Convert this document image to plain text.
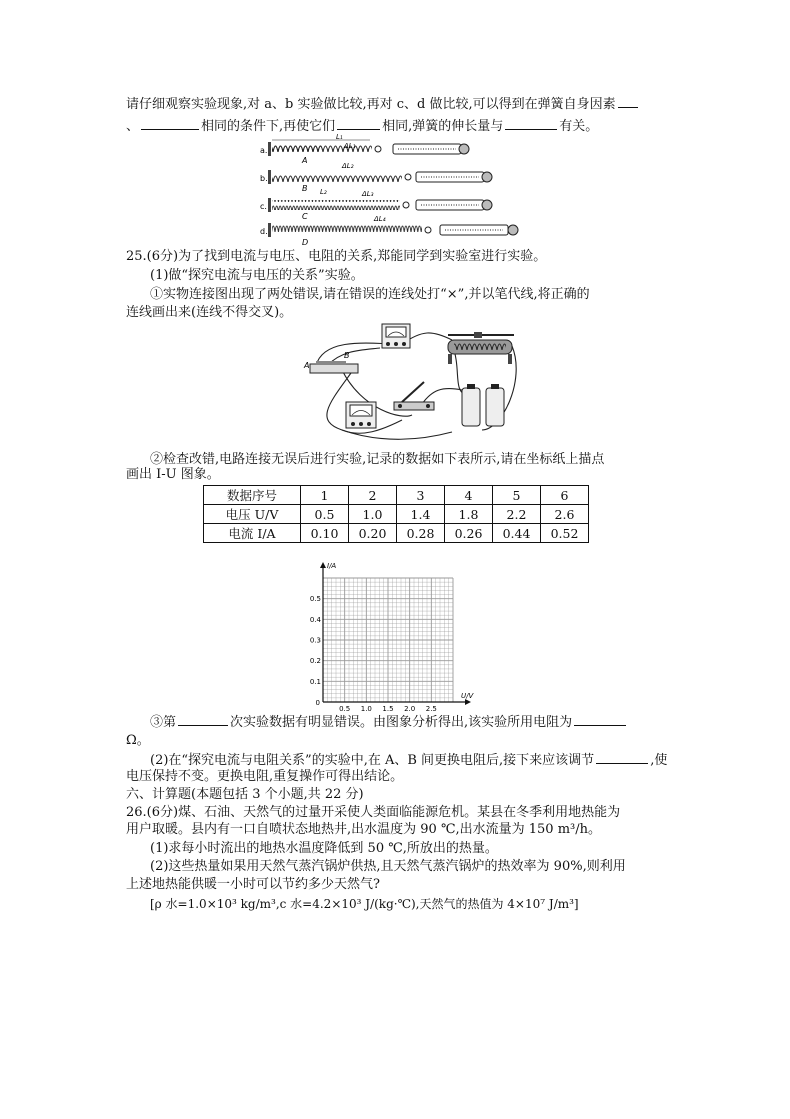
请仔细观察实验现象,对 a、b 实验做比较,再对 c、d 做比较,可以得到在弹簧自身因素
、	相同的条件下,再使它们	相同,弹簧的伸长量与	有关。
a.
A
L₁
ΔL₁
b.
B
ΔL₂
c.
C
L₂	ΔL₃
d.
D
ΔL₄
25.(6分)为了找到电流与电压、电阻的关系,郑能同学到实验室进行实验。
(1)做“探究电流与电压的关系”实验。
①实物连接图出现了两处错误,请在错误的连线处打“×”,并以笔代线,将正确的
连线画出来(连线不得交叉)。
A
B
②检查改错,电路连接无误后进行实验,记录的数据如下表所示,请在坐标纸上描点
画出 I-U 图象。
数据序号	1	2	3	4	5	6
电压 U/V	0.5	1.0	1.4	1.8	2.2	2.6
电流 I/A	0.10	0.20	0.28	0.26	0.44	0.52
0.5 1.0 1.5 2.0 2.5
0.1
0.2
0.3
0.4
0.5
0
U/V
I/A
③第	次实验数据有明显错误。由图象分析得出,该实验所用电阻为
Ω。
(2)在“探究电流与电阻关系”的实验中,在 A、B 间更换电阻后,接下来应该调节	,使
电压保持不变。更换电阻,重复操作可得出结论。
六、计算题(本题包括 3 个小题,共 22 分)
26.(6分)煤、石油、天然气的过量开采使人类面临能源危机。某县在冬季利用地热能为
用户取暖。县内有一口自喷状态地热井,出水温度为 90 ℃,出水流量为 150 m³/h。
(1)求每小时流出的地热水温度降低到 50 ℃,所放出的热量。
(2)这些热量如果用天然气蒸汽锅炉供热,且天然气蒸汽锅炉的热效率为 90%,则利用
上述地热能供暖一小时可以节约多少天然气?
[ρ 水=1.0×10³ kg/m³,c 水=4.2×10³ J/(kg·℃),天然气的热值为 4×10⁷ J/m³]
